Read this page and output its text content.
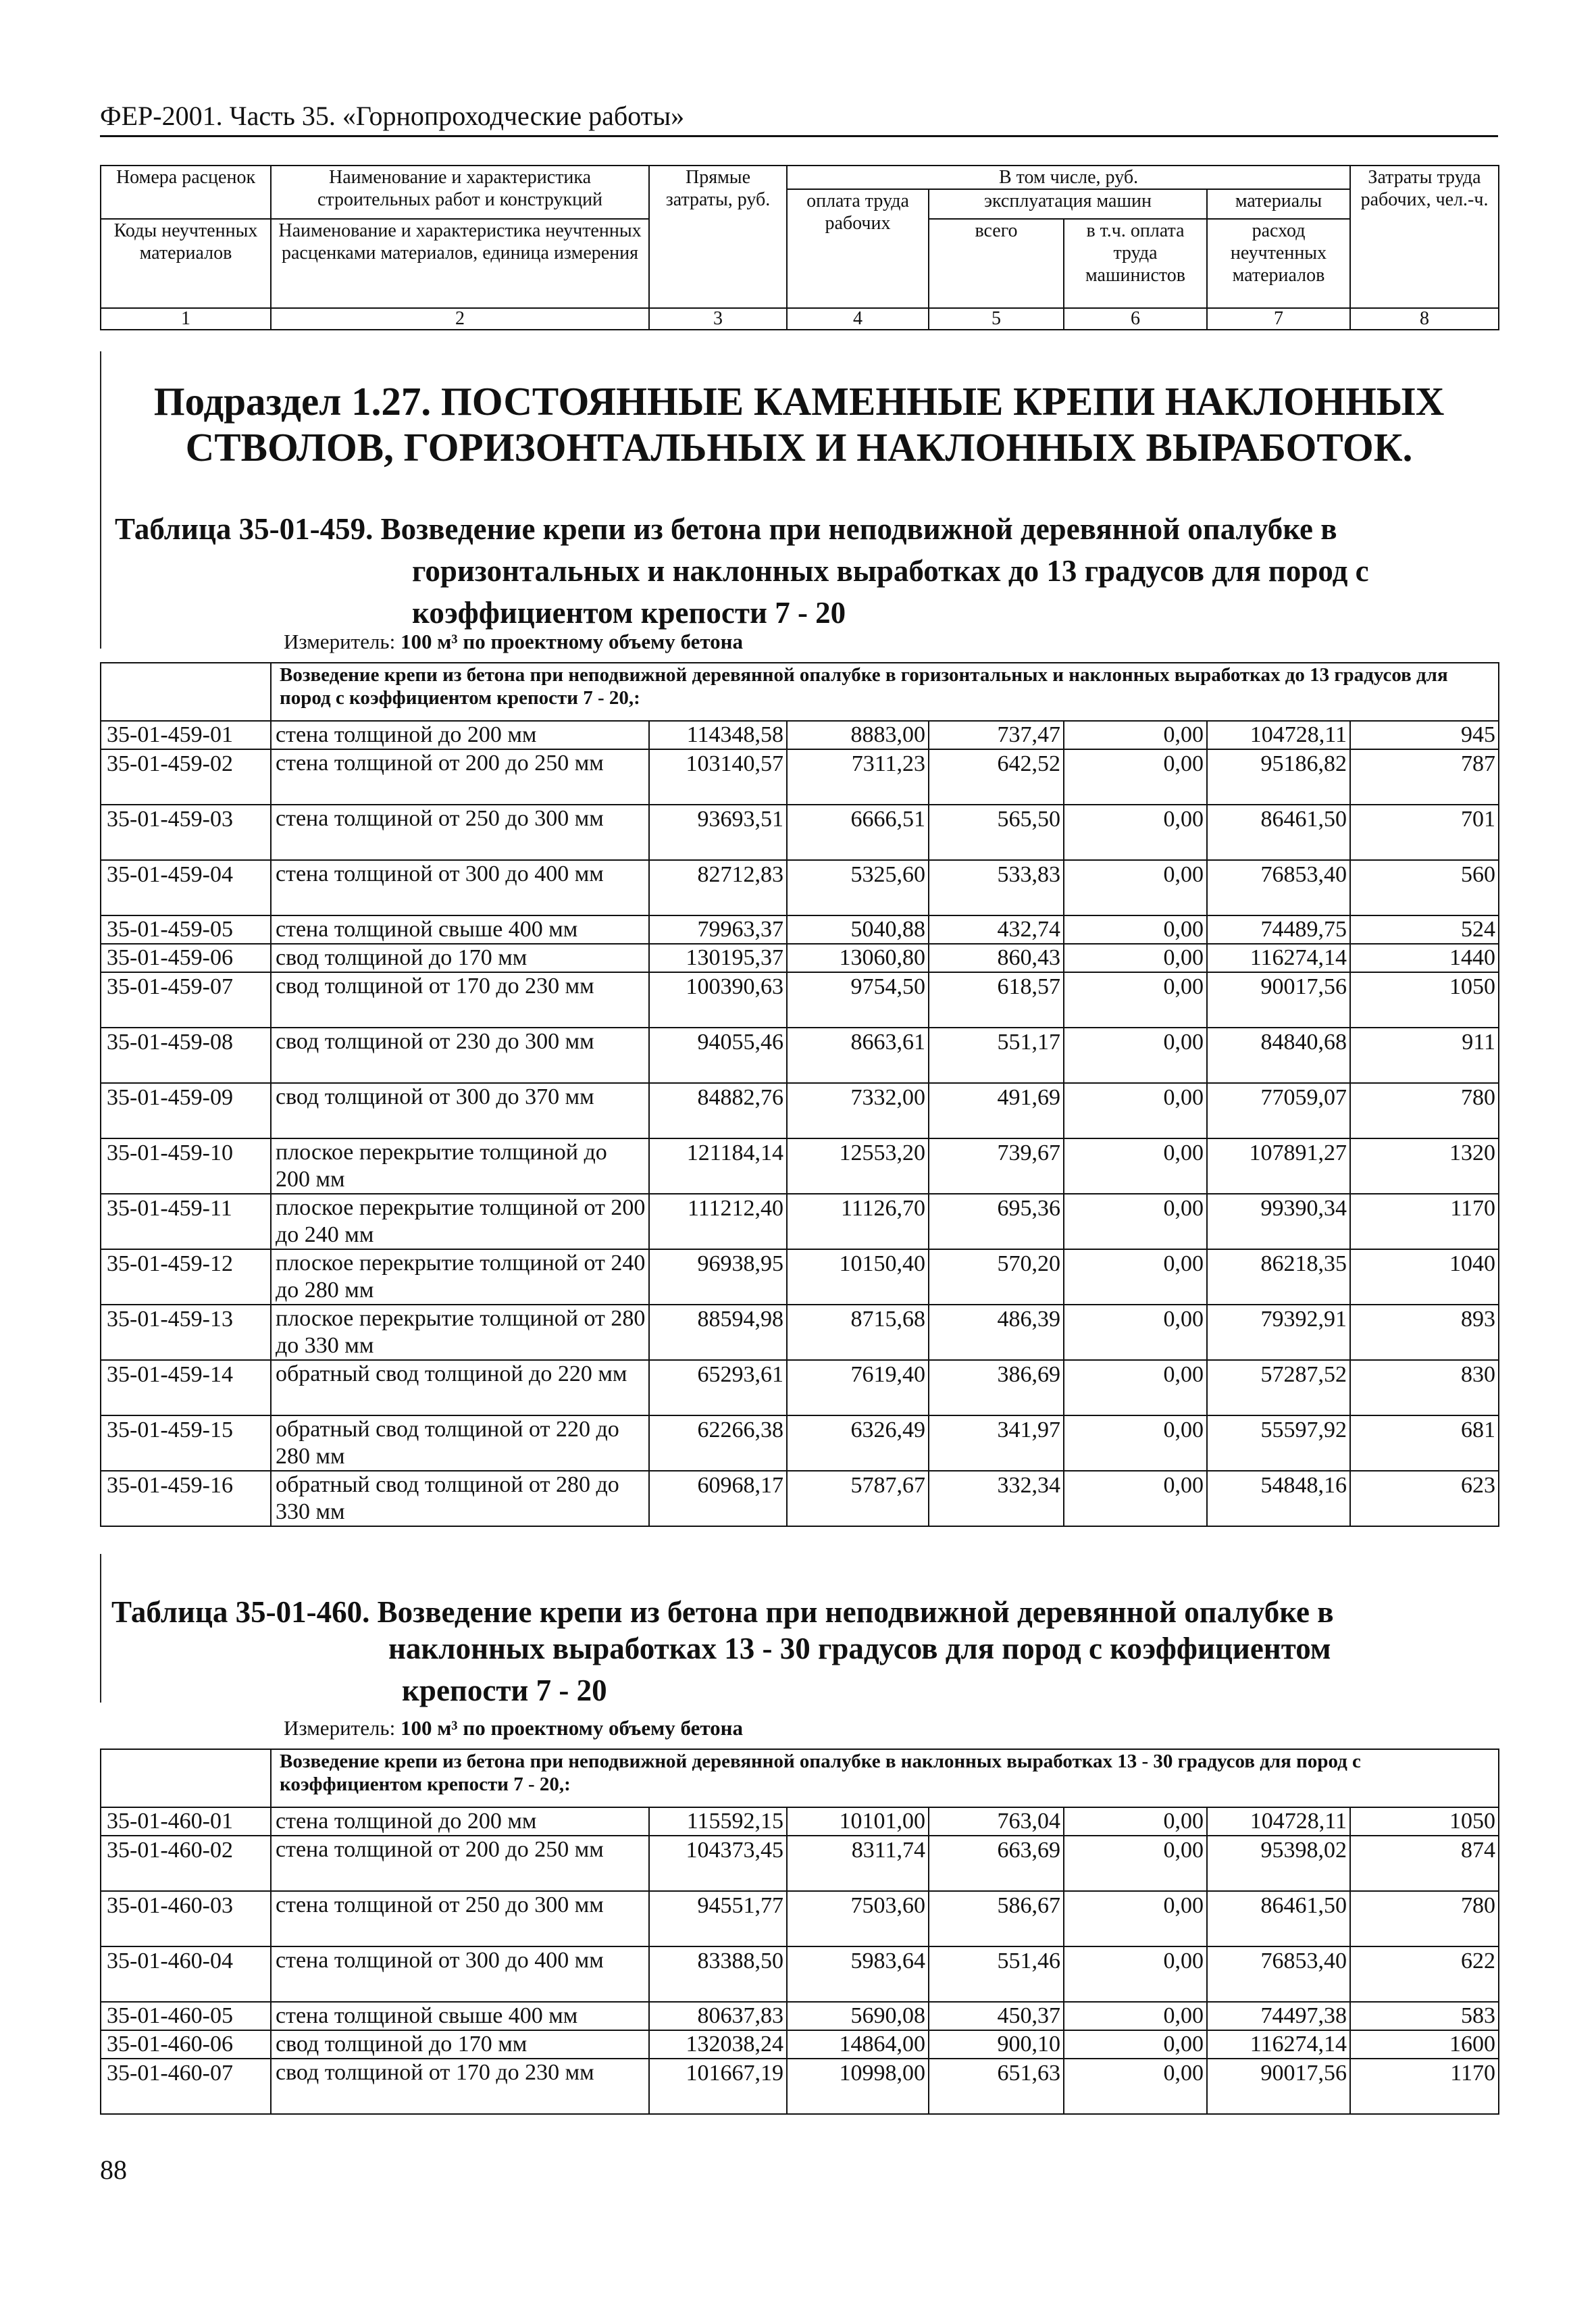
ФЕР-2001. Часть 35. «Горнопроходческие работы»
Номера расценок	Наименование и характеристика строительных работ и конструкций	Прямые затраты, руб.	В том числе, руб.				Затраты труда рабочих, чел.-ч.
			оплата труда рабочих	эксплуатация машин		материалы	
Коды неучтенных материалов	Наименование и характеристика неучтенных расценками материалов, единица измерения			всего	в т.ч. оплата труда машинистов	расход неучтенных материалов	

1	2	3	4	5	6	7	8
Подраздел 1.27. ПОСТОЯННЫЕ КАМЕННЫЕ КРЕПИ НАКЛОННЫХ СТВОЛОВ, ГОРИЗОНТАЛЬНЫХ И НАКЛОННЫХ ВЫРАБОТОК.
Таблица 35-01-459. Возведение крепи из бетона при неподвижной деревянной опалубке в
горизонтальных и наклонных выработках до 13 градусов для пород с
коэффициентом крепости 7 - 20
Измеритель: 100 м³ по проектному объему бетона
	Возведение крепи из бетона при неподвижной деревянной опалубке в горизонтальных и наклонных выработках до 13 градусов для пород с коэффициентом крепости 7 - 20,:						
35-01-459-01	стена толщиной до 200 мм	114348,58	8883,00	737,47	0,00	104728,11	945
35-01-459-02	стена толщиной от 200 до 250 мм	103140,57	7311,23	642,52	0,00	95186,82	787
35-01-459-03	стена толщиной от 250 до 300 мм	93693,51	6666,51	565,50	0,00	86461,50	701
35-01-459-04	стена толщиной от 300 до 400 мм	82712,83	5325,60	533,83	0,00	76853,40	560
35-01-459-05	стена толщиной свыше 400 мм	79963,37	5040,88	432,74	0,00	74489,75	524
35-01-459-06	свод толщиной до 170 мм	130195,37	13060,80	860,43	0,00	116274,14	1440
35-01-459-07	свод толщиной от 170 до 230 мм	100390,63	9754,50	618,57	0,00	90017,56	1050
35-01-459-08	свод толщиной от 230 до 300 мм	94055,46	8663,61	551,17	0,00	84840,68	911
35-01-459-09	свод толщиной от 300 до 370 мм	84882,76	7332,00	491,69	0,00	77059,07	780
35-01-459-10	плоское перекрытие толщиной до 200 мм	121184,14	12553,20	739,67	0,00	107891,27	1320
35-01-459-11	плоское перекрытие толщиной от 200 до 240 мм	111212,40	11126,70	695,36	0,00	99390,34	1170
35-01-459-12	плоское перекрытие толщиной от 240 до 280 мм	96938,95	10150,40	570,20	0,00	86218,35	1040
35-01-459-13	плоское перекрытие толщиной от 280 до 330 мм	88594,98	8715,68	486,39	0,00	79392,91	893
35-01-459-14	обратный свод толщиной до 220 мм	65293,61	7619,40	386,69	0,00	57287,52	830
35-01-459-15	обратный свод толщиной от 220 до 280 мм	62266,38	6326,49	341,97	0,00	55597,92	681
35-01-459-16	обратный свод толщиной от 280 до 330 мм	60968,17	5787,67	332,34	0,00	54848,16	623
Таблица 35-01-460. Возведение крепи из бетона при неподвижной деревянной опалубке в
наклонных выработках 13 - 30 градусов для пород с коэффициентом
крепости 7 - 20
Измеритель: 100 м³ по проектному объему бетона
	Возведение крепи из бетона при неподвижной деревянной опалубке в наклонных выработках 13 - 30 градусов для пород с коэффициентом крепости 7 - 20,:						
35-01-460-01	стена толщиной до 200 мм	115592,15	10101,00	763,04	0,00	104728,11	1050
35-01-460-02	стена толщиной от 200 до 250 мм	104373,45	8311,74	663,69	0,00	95398,02	874
35-01-460-03	стена толщиной от 250 до 300 мм	94551,77	7503,60	586,67	0,00	86461,50	780
35-01-460-04	стена толщиной от 300 до 400 мм	83388,50	5983,64	551,46	0,00	76853,40	622
35-01-460-05	стена толщиной свыше 400 мм	80637,83	5690,08	450,37	0,00	74497,38	583
35-01-460-06	свод толщиной до 170 мм	132038,24	14864,00	900,10	0,00	116274,14	1600
35-01-460-07	свод толщиной от 170 до 230 мм	101667,19	10998,00	651,63	0,00	90017,56	1170
88
